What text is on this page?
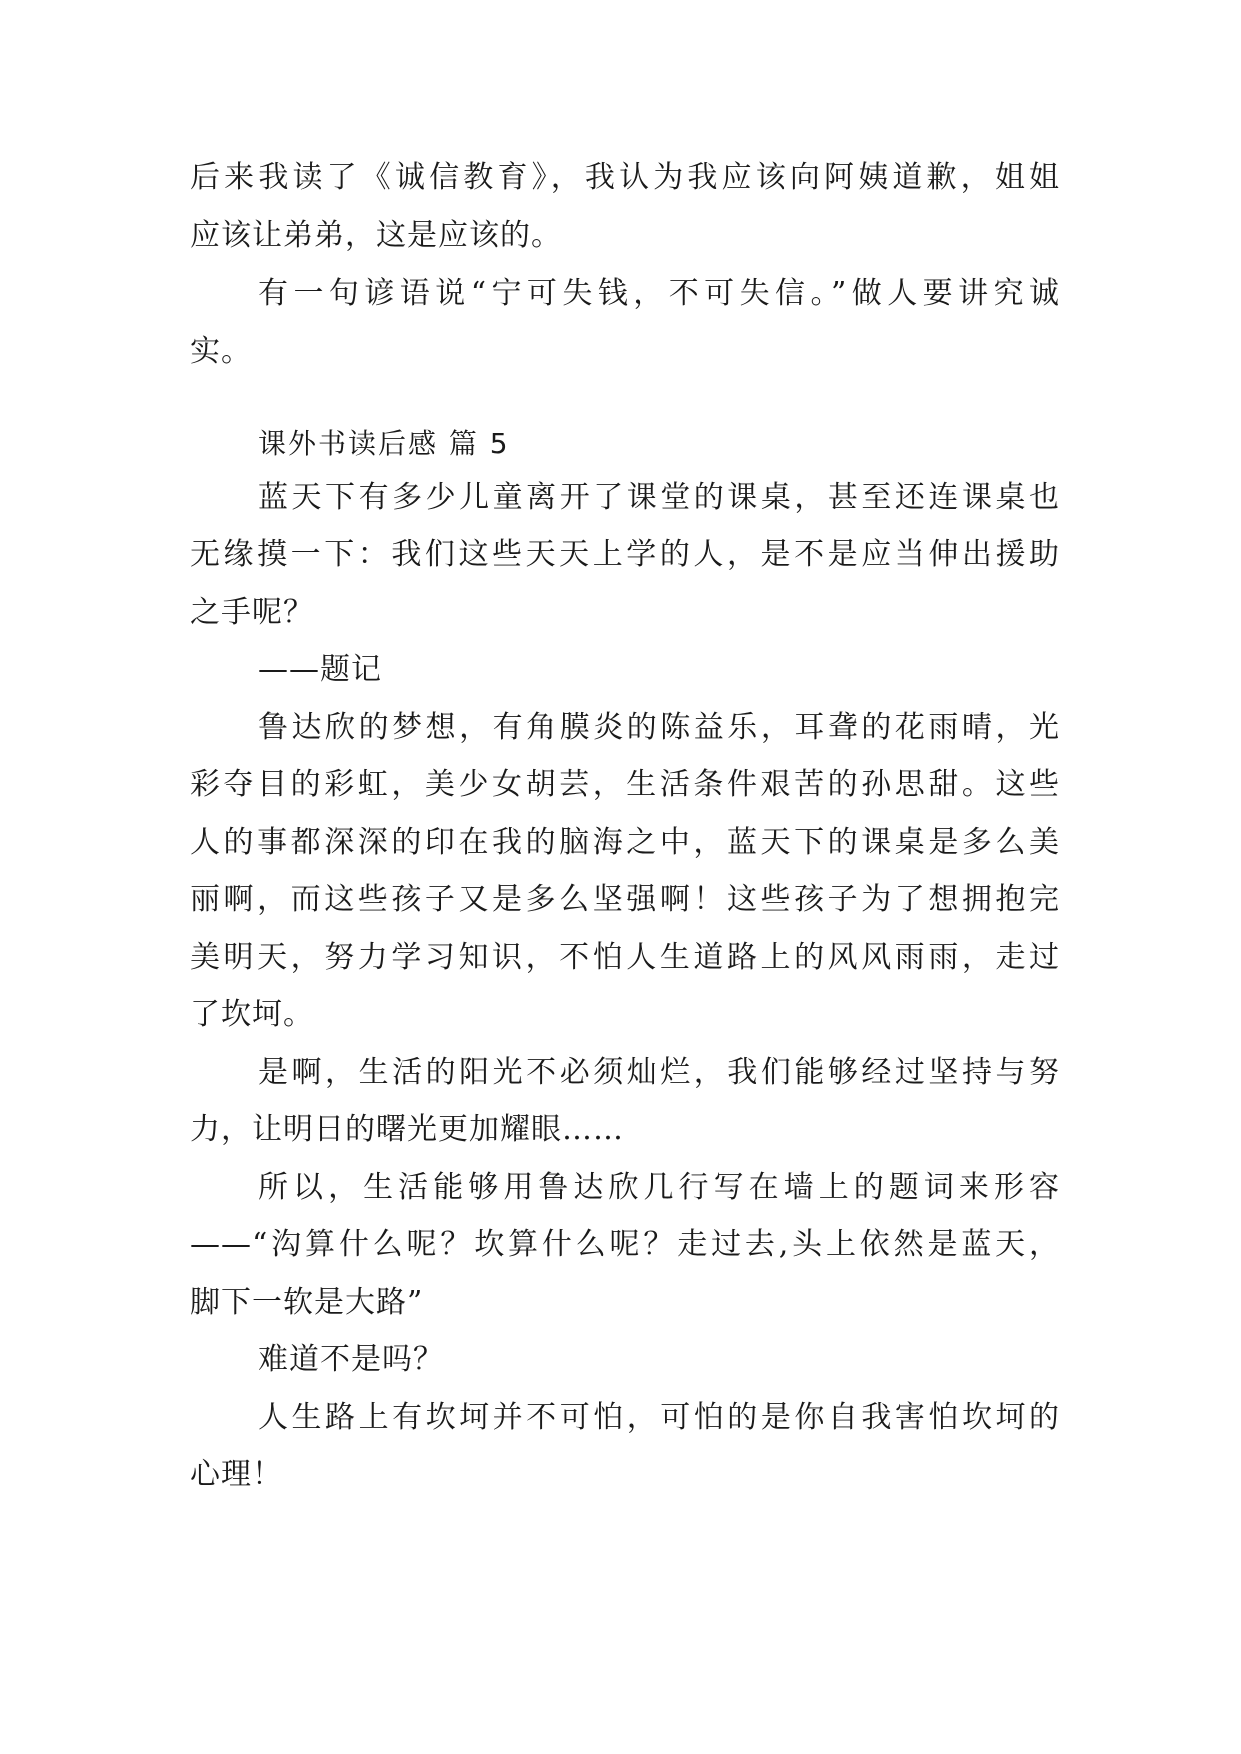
后来我读了《诚信教育》，我认为我应该向阿姨道歉，姐姐
应该让弟弟，这是应该的。
有一句谚语说“宁可失钱，不可失信。”做人要讲究诚
实。
课外书读后感 篇 5
蓝天下有多少儿童离开了课堂的课桌，甚至还连课桌也
无缘摸一下：我们这些天天上学的人，是不是应当伸出援助
之手呢？
——题记
鲁达欣的梦想，有角膜炎的陈益乐，耳聋的花雨晴，光
彩夺目的彩虹，美少女胡芸，生活条件艰苦的孙思甜。这些
人的事都深深的印在我的脑海之中，蓝天下的课桌是多么美
丽啊，而这些孩子又是多么坚强啊！这些孩子为了想拥抱完
美明天，努力学习知识，不怕人生道路上的风风雨雨，走过
了坎坷。
是啊，生活的阳光不必须灿烂，我们能够经过坚持与努
力，让明日的曙光更加耀眼……
所以，生活能够用鲁达欣几行写在墙上的题词来形容
——“沟算什么呢？坎算什么呢？走过去,头上依然是蓝天，
脚下一软是大路”
难道不是吗？
人生路上有坎坷并不可怕，可怕的是你自我害怕坎坷的
心理！
